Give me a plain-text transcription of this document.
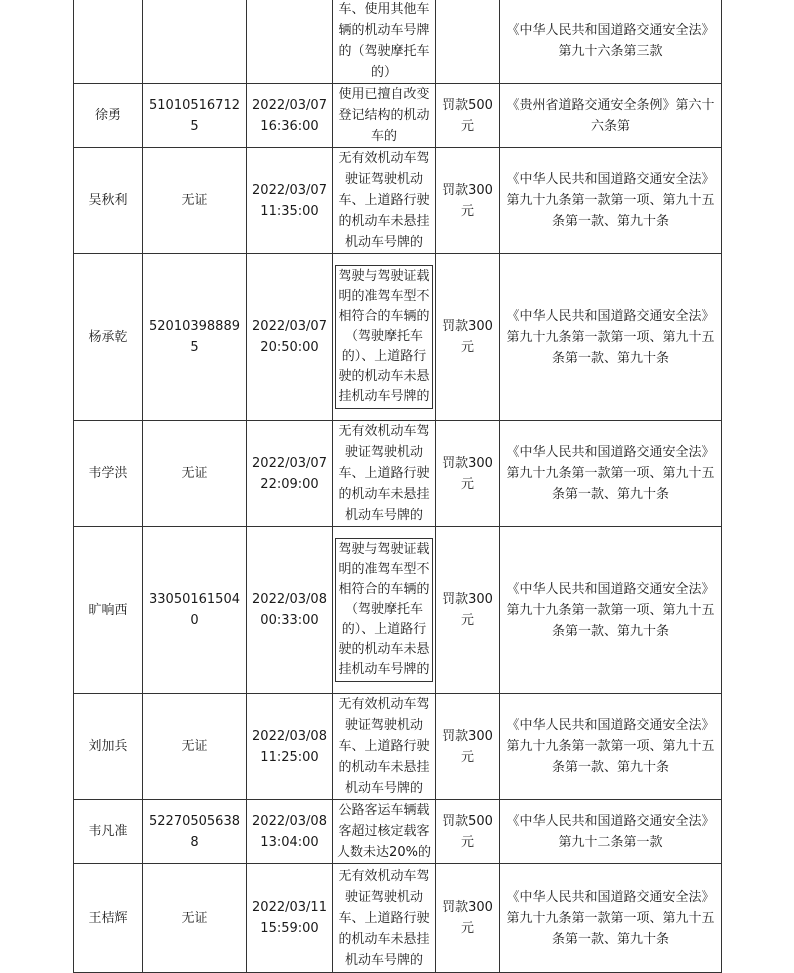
			车、使用其他车辆的机动车号牌的（驾驶摩托车的）		《中华人民共和国道路交通安全法》第九十六条第三款
徐勇	510105167125	2022/03/07 16:36:00	使用已擅自改变登记结构的机动车的	罚款500元	《贵州省道路交通安全条例》第六十六条第
吴秋利	无证	2022/03/07 11:35:00	无有效机动车驾驶证驾驶机动车、上道路行驶的机动车未悬挂机动车号牌的	罚款300元	《中华人民共和国道路交通安全法》第九十九条第一款第一项、第九十五条第一款、第九十条
杨承乾	520103988895	2022/03/07 20:50:00	驾驶与驾驶证载明的准驾车型不相符合的车辆的（驾驶摩托车的）、上道路行驶的机动车未悬挂机动车号牌的	罚款300元	《中华人民共和国道路交通安全法》第九十九条第一款第一项、第九十五条第一款、第九十条
韦学洪	无证	2022/03/07 22:09:00	无有效机动车驾驶证驾驶机动车、上道路行驶的机动车未悬挂机动车号牌的	罚款300元	《中华人民共和国道路交通安全法》第九十九条第一款第一项、第九十五条第一款、第九十条
旷响西	330501615040	2022/03/08 00:33:00	驾驶与驾驶证载明的准驾车型不相符合的车辆的（驾驶摩托车的）、上道路行驶的机动车未悬挂机动车号牌的	罚款300元	《中华人民共和国道路交通安全法》第九十九条第一款第一项、第九十五条第一款、第九十条
刘加兵	无证	2022/03/08 11:25:00	无有效机动车驾驶证驾驶机动车、上道路行驶的机动车未悬挂机动车号牌的	罚款300元	《中华人民共和国道路交通安全法》第九十九条第一款第一项、第九十五条第一款、第九十条
韦凡准	522705056388	2022/03/08 13:04:00	公路客运车辆载客超过核定载客人数未达20%的	罚款500元	《中华人民共和国道路交通安全法》第九十二条第一款
王桔辉	无证	2022/03/11 15:59:00	无有效机动车驾驶证驾驶机动车、上道路行驶的机动车未悬挂机动车号牌的	罚款300元	《中华人民共和国道路交通安全法》第九十九条第一款第一项、第九十五条第一款、第九十条
